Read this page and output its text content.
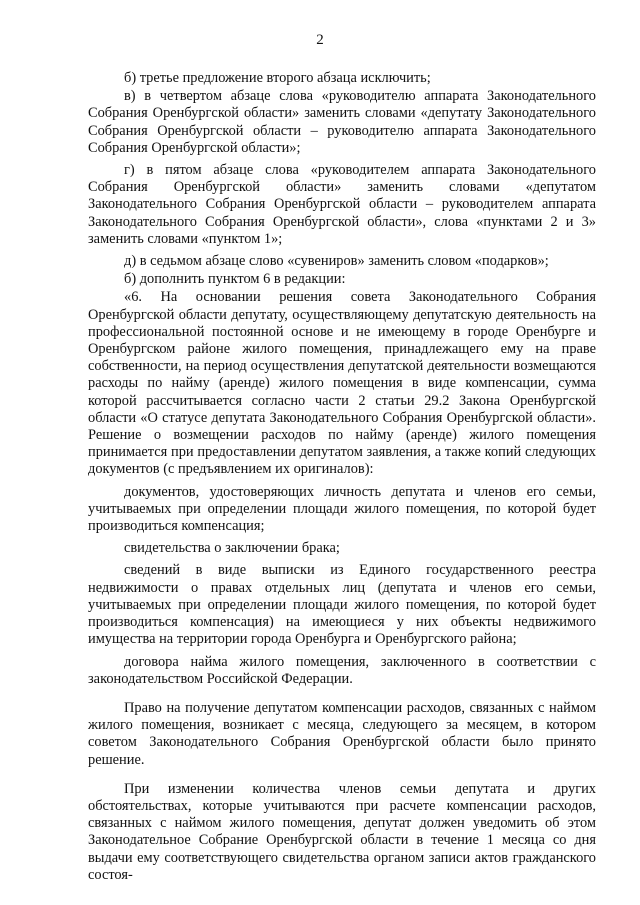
2

б) третье предложение второго абзаца исключить;

в) в четвертом абзаце слова «руководителю аппарата Законодательного Собрания Оренбургской области» заменить словами «депутату Законодательного Собрания Оренбургской области – руководителю аппарата Законодательного Собрания Оренбургской области»;

г) в пятом абзаце слова «руководителем аппарата Законодательного Собрания Оренбургской области» заменить словами «депутатом Законодательного Собрания Оренбургской области – руководителем аппарата Законодательного Собрания Оренбургской области», слова «пунктами 2 и 3» заменить словами «пунктом 1»;

д) в седьмом абзаце слово «сувениров» заменить словом «подарков»;

б) дополнить пунктом 6 в редакции:

«6. На основании решения совета Законодательного Собрания Оренбургской области депутату, осуществляющему депутатскую деятельность на профессиональной постоянной основе и не имеющему в городе Оренбурге и Оренбургском районе жилого помещения, принадлежащего ему на праве собственности, на период осуществления депутатской деятельности возмещаются расходы по найму (аренде) жилого помещения в виде компенсации, сумма которой рассчитывается согласно части 2 статьи 29.2 Закона Оренбургской области «О статусе депутата Законодательного Собрания Оренбургской области». Решение о возмещении расходов по найму (аренде) жилого помещения принимается при предоставлении депутатом заявления, а также копий следующих документов (с предъявлением их оригиналов):

документов, удостоверяющих личность депутата и членов его семьи, учитываемых при определении площади жилого помещения, по которой будет производиться компенсация;

свидетельства о заключении брака;

сведений в виде выписки из Единого государственного реестра недвижимости о правах отдельных лиц (депутата и членов его семьи, учитываемых при определении площади жилого помещения, по которой будет производиться компенсация) на имеющиеся у них объекты недвижимого имущества на территории города Оренбурга и Оренбургского района;

договора найма жилого помещения, заключенного в соответствии с законодательством Российской Федерации.

Право на получение депутатом компенсации расходов, связанных с наймом жилого помещения, возникает с месяца, следующего за месяцем, в котором советом Законодательного Собрания Оренбургской области было принято решение.

При изменении количества членов семьи депутата и других обстоятельствах, которые учитываются при расчете компенсации расходов, связанных с наймом жилого помещения, депутат должен уведомить об этом Законодательное Собрание Оренбургской области в течение 1 месяца со дня выдачи ему соответствующего свидетельства органом записи актов гражданского состоя-
